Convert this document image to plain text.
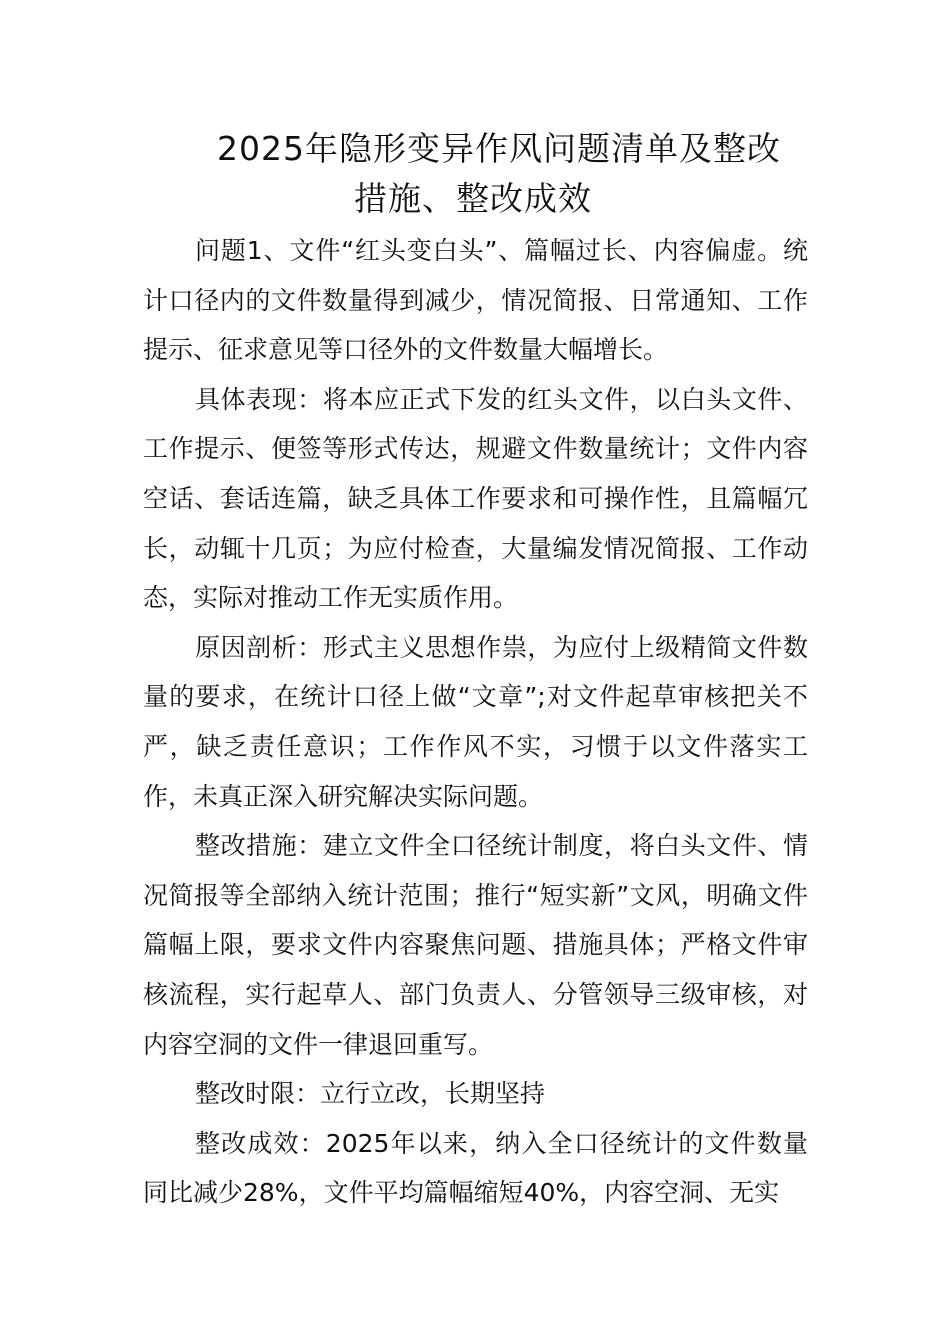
2025年隐形变异作风问题清单及整改
措施、整改成效

问题1、文件“红头变白头”、篇幅过长、内容偏虚。统计口径内的文件数量得到减少，情况简报、日常通知、工作提示、征求意见等口径外的文件数量大幅增长。

具体表现：将本应正式下发的红头文件，以白头文件、工作提示、便签等形式传达，规避文件数量统计；文件内容空话、套话连篇，缺乏具体工作要求和可操作性，且篇幅冗长，动辄十几页；为应付检查，大量编发情况简报、工作动态，实际对推动工作无实质作用。

原因剖析：形式主义思想作祟，为应付上级精简文件数量的要求，在统计口径上做“文章”;对文件起草审核把关不严，缺乏责任意识；工作作风不实，习惯于以文件落实工作，未真正深入研究解决实际问题。

整改措施：建立文件全口径统计制度，将白头文件、情况简报等全部纳入统计范围；推行“短实新”文风，明确文件篇幅上限，要求文件内容聚焦问题、措施具体；严格文件审核流程，实行起草人、部门负责人、分管领导三级审核，对内容空洞的文件一律退回重写。

整改时限：立行立改，长期坚持

整改成效：2025年以来，纳入全口径统计的文件数量同比减少28%，文件平均篇幅缩短40%，内容空洞、无实
